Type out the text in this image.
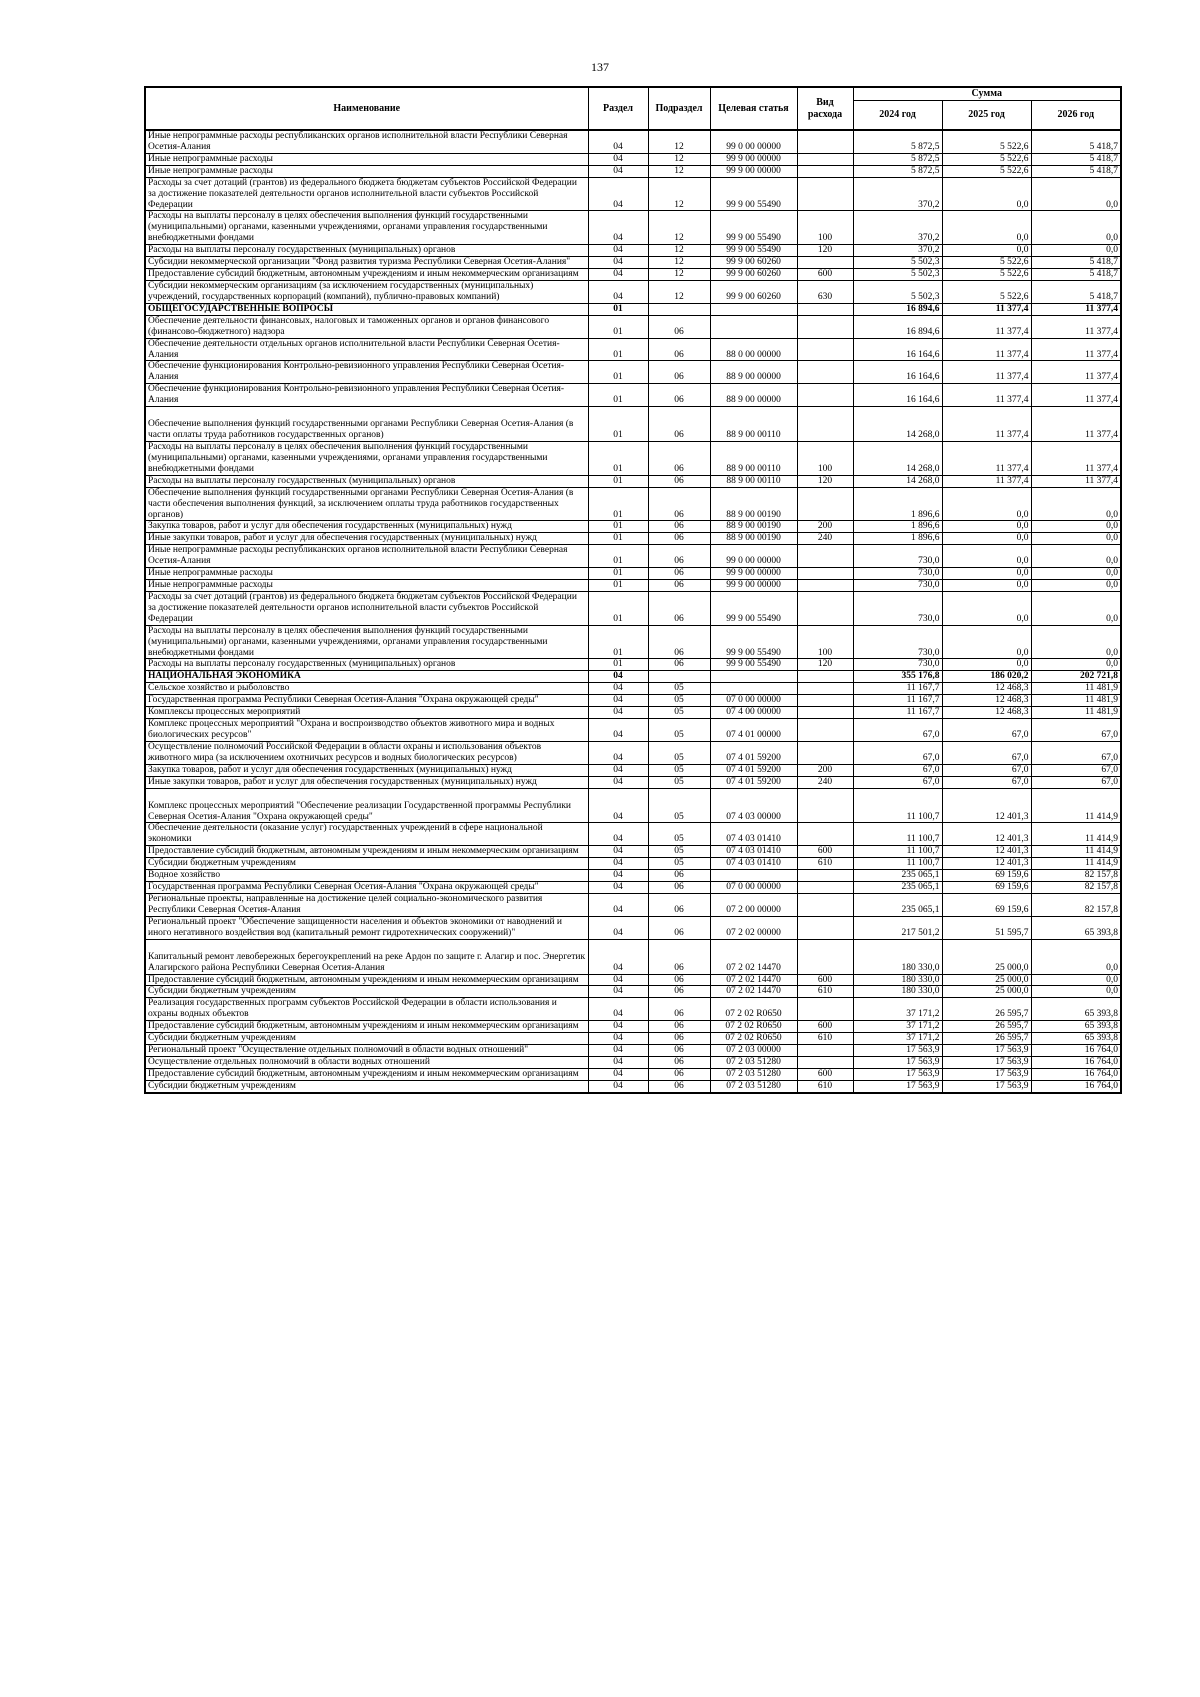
137
Наименование	Раздел	Подраздел	Целевая статья	Вид расхода	Сумма		
					2024 год	2025 год	2026 год
Иные непрограммные расходы республиканских органов исполнительной власти Республики Северная Осетия-Алания	04	12	99 0 00 00000		5 872,5	5 522,6	5 418,7
Иные непрограммные расходы	04	12	99 9 00 00000		5 872,5	5 522,6	5 418,7
Иные непрограммные расходы	04	12	99 9 00 00000		5 872,5	5 522,6	5 418,7
Расходы за счет дотаций (грантов) из федерального бюджета бюджетам субъектов Российской Федерации за достижение показателей деятельности органов исполнительной власти субъектов Российской Федерации	04	12	99 9 00 55490		370,2	0,0	0,0
Расходы на выплаты персоналу в целях обеспечения выполнения функций государственными (муниципальными) органами, казенными учреждениями, органами управления государственными внебюджетными фондами	04	12	99 9 00 55490	100	370,2	0,0	0,0
Расходы на выплаты персоналу государственных (муниципальных) органов	04	12	99 9 00 55490	120	370,2	0,0	0,0
Субсидии некоммерческой организации "Фонд развития туризма Республики Северная Осетия-Алания"	04	12	99 9 00 60260		5 502,3	5 522,6	5 418,7
Предоставление субсидий бюджетным, автономным учреждениям и иным некоммерческим организациям	04	12	99 9 00 60260	600	5 502,3	5 522,6	5 418,7
Субсидии некоммерческим организациям (за исключением государственных (муниципальных) учреждений, государственных корпораций (компаний), публично-правовых компаний)	04	12	99 9 00 60260	630	5 502,3	5 522,6	5 418,7
ОБЩЕГОСУДАРСТВЕННЫЕ ВОПРОСЫ	01				16 894,6	11 377,4	11 377,4
Обеспечение деятельности финансовых, налоговых и таможенных органов и органов финансового (финансово-бюджетного) надзора	01	06			16 894,6	11 377,4	11 377,4
Обеспечение деятельности отдельных органов исполнительной власти Республики Северная Осетия-Алания	01	06	88 0 00 00000		16 164,6	11 377,4	11 377,4
Обеспечение функционирования Контрольно-ревизионного управления Республики Северная Осетия-Алания	01	06	88 9 00 00000		16 164,6	11 377,4	11 377,4
Обеспечение функционирования Контрольно-ревизионного управления Республики Северная Осетия-Алания	01	06	88 9 00 00000		16 164,6	11 377,4	11 377,4

Обеспечение выполнения функций государственными органами Республики Северная Осетия-Алания (в части оплаты труда работников государственных органов)	01	06	88 9 00 00110		14 268,0	11 377,4	11 377,4
Расходы на выплаты персоналу в целях обеспечения выполнения функций государственными (муниципальными) органами, казенными учреждениями, органами управления государственными внебюджетными фондами	01	06	88 9 00 00110	100	14 268,0	11 377,4	11 377,4
Расходы на выплаты персоналу государственных (муниципальных) органов	01	06	88 9 00 00110	120	14 268,0	11 377,4	11 377,4
Обеспечение выполнения функций государственными органами Республики Северная Осетия-Алания (в части обеспечения выполнения функций, за исключением оплаты труда работников государственных органов)	01	06	88 9 00 00190		1 896,6	0,0	0,0
Закупка товаров, работ и услуг для обеспечения государственных (муниципальных) нужд	01	06	88 9 00 00190	200	1 896,6	0,0	0,0
Иные закупки товаров, работ и услуг для обеспечения государственных (муниципальных) нужд	01	06	88 9 00 00190	240	1 896,6	0,0	0,0
Иные непрограммные расходы республиканских органов исполнительной власти Республики Северная Осетия-Алания	01	06	99 0 00 00000		730,0	0,0	0,0
Иные непрограммные расходы	01	06	99 9 00 00000		730,0	0,0	0,0
Иные непрограммные расходы	01	06	99 9 00 00000		730,0	0,0	0,0
Расходы за счет дотаций (грантов) из федерального бюджета бюджетам субъектов Российской Федерации за достижение показателей деятельности органов исполнительной власти субъектов Российской Федерации	01	06	99 9 00 55490		730,0	0,0	0,0
Расходы на выплаты персоналу в целях обеспечения выполнения функций государственными (муниципальными) органами, казенными учреждениями, органами управления государственными внебюджетными фондами	01	06	99 9 00 55490	100	730,0	0,0	0,0
Расходы на выплаты персоналу государственных (муниципальных) органов	01	06	99 9 00 55490	120	730,0	0,0	0,0
НАЦИОНАЛЬНАЯ ЭКОНОМИКА	04				355 176,8	186 020,2	202 721,8
Сельское хозяйство и рыболовство	04	05			11 167,7	12 468,3	11 481,9
Государственная программа Республики Северная Осетия-Алания "Охрана окружающей среды"	04	05	07 0 00 00000		11 167,7	12 468,3	11 481,9
Комплексы процессных мероприятий	04	05	07 4 00 00000		11 167,7	12 468,3	11 481,9
Комплекс процессных мероприятий "Охрана и воспроизводство объектов животного мира и водных биологических ресурсов"	04	05	07 4 01 00000		67,0	67,0	67,0
Осуществление полномочий Российской Федерации в области охраны и использования объектов животного мира (за исключением охотничьих ресурсов и водных биологических ресурсов)	04	05	07 4 01 59200		67,0	67,0	67,0
Закупка товаров, работ и услуг для обеспечения государственных (муниципальных) нужд	04	05	07 4 01 59200	200	67,0	67,0	67,0
Иные закупки товаров, работ и услуг для обеспечения государственных (муниципальных) нужд	04	05	07 4 01 59200	240	67,0	67,0	67,0

Комплекс процессных мероприятий "Обеспечение реализации Государственной программы Республики Северная Осетия-Алания "Охрана окружающей среды"	04	05	07 4 03 00000		11 100,7	12 401,3	11 414,9
Обеспечение деятельности (оказание услуг) государственных учреждений в сфере национальной экономики	04	05	07 4 03 01410		11 100,7	12 401,3	11 414,9
Предоставление субсидий бюджетным, автономным учреждениям и иным некоммерческим организациям	04	05	07 4 03 01410	600	11 100,7	12 401,3	11 414,9
Субсидии бюджетным учреждениям	04	05	07 4 03 01410	610	11 100,7	12 401,3	11 414,9
Водное хозяйство	04	06			235 065,1	69 159,6	82 157,8
Государственная программа Республики Северная Осетия-Алания "Охрана окружающей среды"	04	06	07 0 00 00000		235 065,1	69 159,6	82 157,8
Региональные проекты, направленные на достижение целей социально-экономического развития Республики Северная Осетия-Алания	04	06	07 2 00 00000		235 065,1	69 159,6	82 157,8
Региональный проект "Обеспечение защищенности населения и объектов экономики от наводнений и иного негативного воздействия вод (капитальный ремонт гидротехнических сооружений)"	04	06	07 2 02 00000		217 501,2	51 595,7	65 393,8

Капитальный ремонт левобережных берегоукреплений на реке Ардон по защите г. Алагир и пос. Энергетик Алагирского района Республики Северная Осетия-Алания	04	06	07 2 02 14470		180 330,0	25 000,0	0,0
Предоставление субсидий бюджетным, автономным учреждениям и иным некоммерческим организациям	04	06	07 2 02 14470	600	180 330,0	25 000,0	0,0
Субсидии бюджетным учреждениям	04	06	07 2 02 14470	610	180 330,0	25 000,0	0,0
Реализация государственных программ субъектов Российской Федерации в области использования и охраны водных объектов	04	06	07 2 02 R0650		37 171,2	26 595,7	65 393,8
Предоставление субсидий бюджетным, автономным учреждениям и иным некоммерческим организациям	04	06	07 2 02 R0650	600	37 171,2	26 595,7	65 393,8
Субсидии бюджетным учреждениям	04	06	07 2 02 R0650	610	37 171,2	26 595,7	65 393,8
Региональный проект "Осуществление отдельных полномочий в области водных отношений"	04	06	07 2 03 00000		17 563,9	17 563,9	16 764,0
Осуществление отдельных полномочий в области водных отношений	04	06	07 2 03 51280		17 563,9	17 563,9	16 764,0
Предоставление субсидий бюджетным, автономным учреждениям и иным некоммерческим организациям	04	06	07 2 03 51280	600	17 563,9	17 563,9	16 764,0
Субсидии бюджетным учреждениям	04	06	07 2 03 51280	610	17 563,9	17 563,9	16 764,0
